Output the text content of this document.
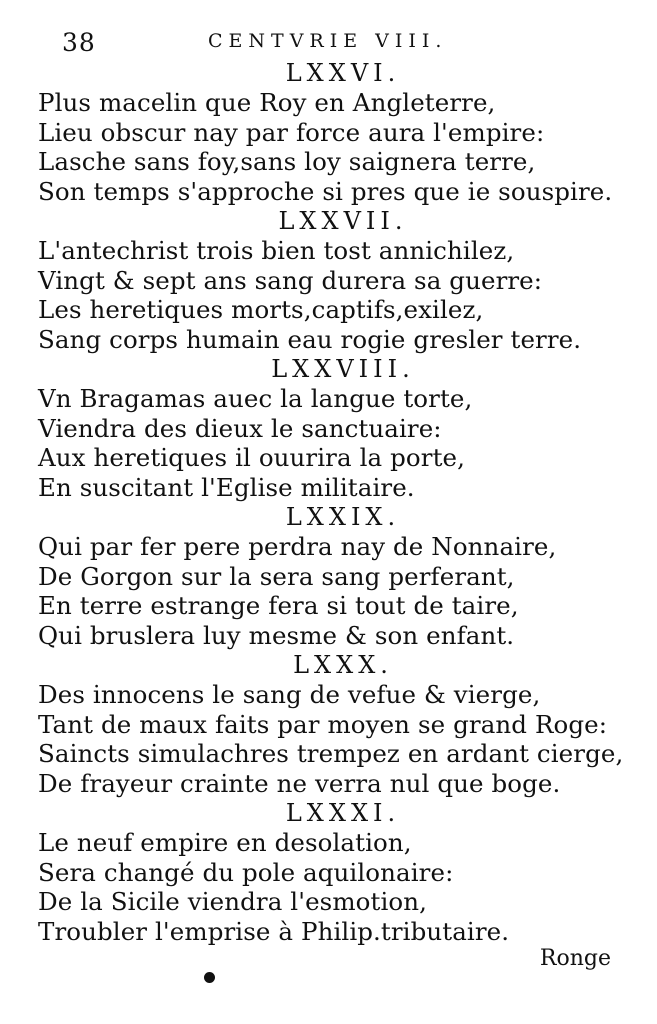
38	CENTVRIE VIII.
LXXVI.
Plus macelin que Roy en Angleterre,
Lieu obscur nay par force aura l'empire:
Lasche sans foy,sans loy saignera terre,
Son temps s'approche si pres que ie souspire.
LXXVII.
L'antechrist trois bien tost annichilez,
Vingt & sept ans sang durera sa guerre:
Les heretiques morts,captifs,exilez,
Sang corps humain eau rogie gresler terre.
LXXVIII.
Vn Bragamas auec la langue torte,
Viendra des dieux le sanctuaire:
Aux heretiques il ouurira la porte,
En suscitant l'Eglise militaire.
LXXIX.
Qui par fer pere perdra nay de Nonnaire,
De Gorgon sur la sera sang perferant,
En terre estrange fera si tout de taire,
Qui bruslera luy mesme & son enfant.
LXXX.
Des innocens le sang de vefue & vierge,
Tant de maux faits par moyen se grand Roge:
Saincts simulachres trempez en ardant cierge,
De frayeur crainte ne verra nul que boge.
LXXXI.
Le neuf empire en desolation,
Sera changé du pole aquilonaire:
De la Sicile viendra l'esmotion,
Troubler l'emprise à Philip.tributaire.
Ronge
